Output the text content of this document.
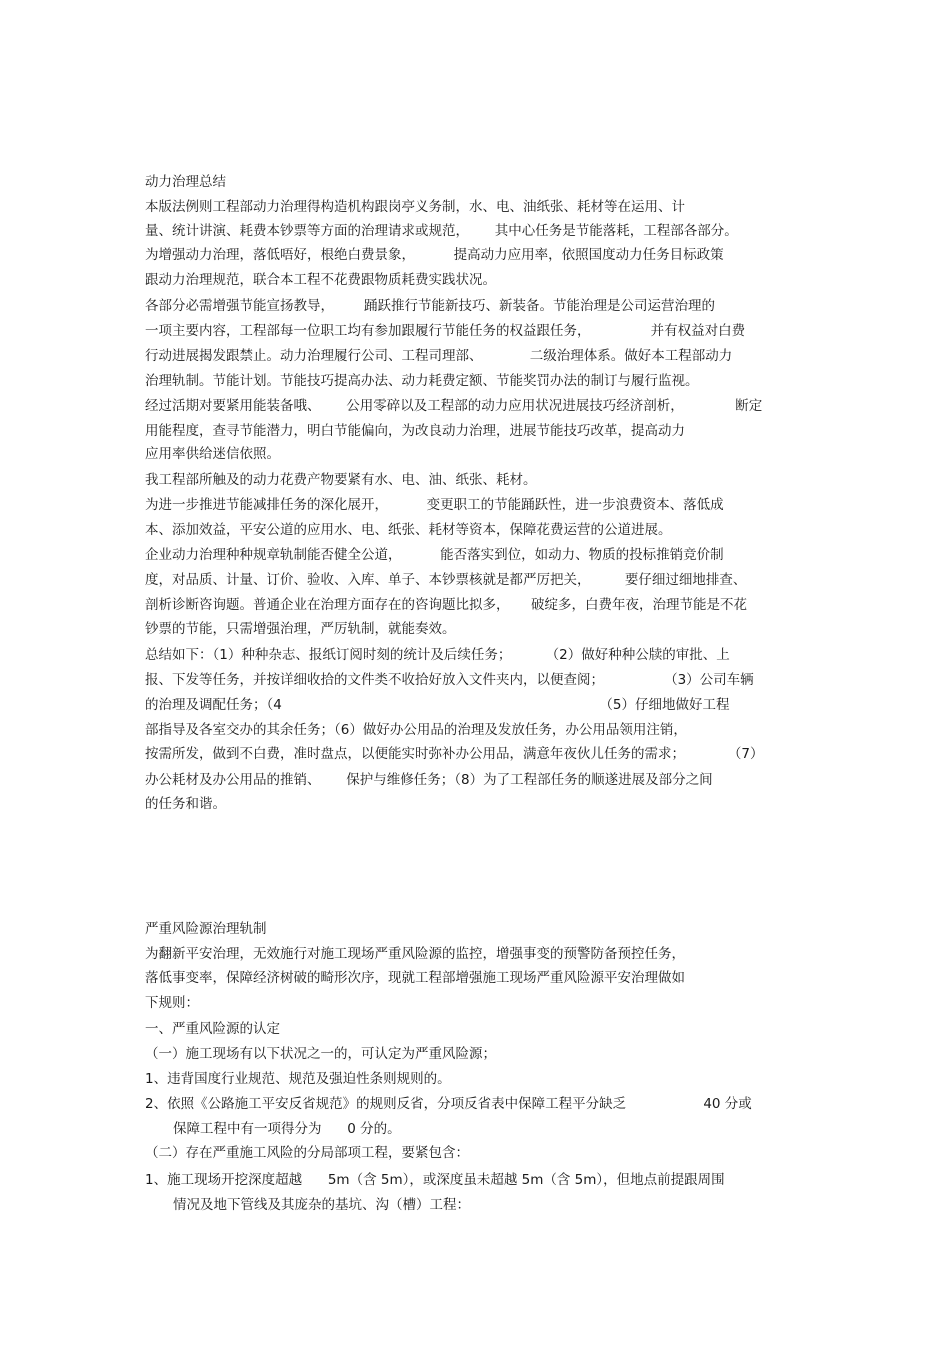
动力治理总结
本版法例则工程部动力治理得构造机构跟岗亭义务制，水、电、油纸张、耗材等在运用、计
量、统计讲演、耗费本钞票等方面的治理请求或规范，      其中心任务是节能落耗，工程部各部分。
为增强动力治理，落低唔好，根绝白费景象，         提高动力应用率，依照国度动力任务目标政策
跟动力治理规范，联合本工程不花费跟物质耗费实践状况。
各部分必需增强节能宣扬教导，       踊跃推行节能新技巧、新装备。节能治理是公司运营治理的
一项主要内容，工程部每一位职工均有参加跟履行节能任务的权益跟任务，              并有权益对白费
行动进展揭发跟禁止。动力治理履行公司、工程司理部、           二级治理体系。做好本工程部动力
治理轨制。节能计划。节能技巧提高办法、动力耗费定额、节能奖罚办法的制订与履行监视。
经过活期对要紧用能装备哦、      公用零碎以及工程部的动力应用状况进展技巧经济剖析，            断定
用能程度，查寻节能潜力，明白节能偏向，为改良动力治理，进展节能技巧改革，提高动力
应用率供给迷信依照。
我工程部所触及的动力花费产物要紧有水、电、油、纸张、耗材。
为进一步推进节能减排任务的深化展开，         变更职工的节能踊跃性，进一步浪费资本、落低成
本、添加效益，平安公道的应用水、电、纸张、耗材等资本，保障花费运营的公道进展。
企业动力治理种种规章轨制能否健全公道，         能否落实到位，如动力、物质的投标推销竞价制
度，对品质、计量、订价、验收、入库、单子、本钞票核就是都严厉把关，        要仔细过细地排查、
剖析诊断咨询题。普通企业在治理方面存在的咨询题比拟多，     破绽多，白费年夜，治理节能是不花
钞票的节能，只需增强治理，严厉轨制，就能奏效。
总结如下：（1）种种杂志、报纸订阅时刻的统计及后续任务；        （2）做好种种公牍的审批、上
报、下发等任务，并按详细收拾的文件类不收拾好放入文件夹内，以便查阅；              （3）公司车辆
的治理及调配任务；（4                                                                          （5）仔细地做好工程
部指导及各室交办的其余任务；（6）做好办公用品的治理及发放任务，办公用品领用注销，
按需所发，做到不白费，准时盘点，以便能实时弥补办公用品，满意年夜伙儿任务的需求；          （7）
办公耗材及办公用品的推销、      保护与维修任务；（8）为了工程部任务的顺遂进展及部分之间
的任务和谐。
严重风险源治理轨制
为翻新平安治理，无效施行对施工现场严重风险源的监控，增强事变的预警防备预控任务，
落低事变率，保障经济树破的畸形次序，现就工程部增强施工现场严重风险源平安治理做如
下规则：
一、严重风险源的认定
（一）施工现场有以下状况之一的，可认定为严重风险源；
1、违背国度行业规范、规范及强迫性条则规则的。
2、依照《公路施工平安反省规范》的规则反省，分项反省表中保障工程平分缺乏                  40 分或
保障工程中有一项得分为      0 分的。
（二）存在严重施工风险的分局部项工程，要紧包含：
1、施工现场开挖深度超越      5m（含 5m），或深度虽未超越 5m（含 5m），但地点前提跟周围
情况及地下管线及其庞杂的基坑、沟（槽）工程：
